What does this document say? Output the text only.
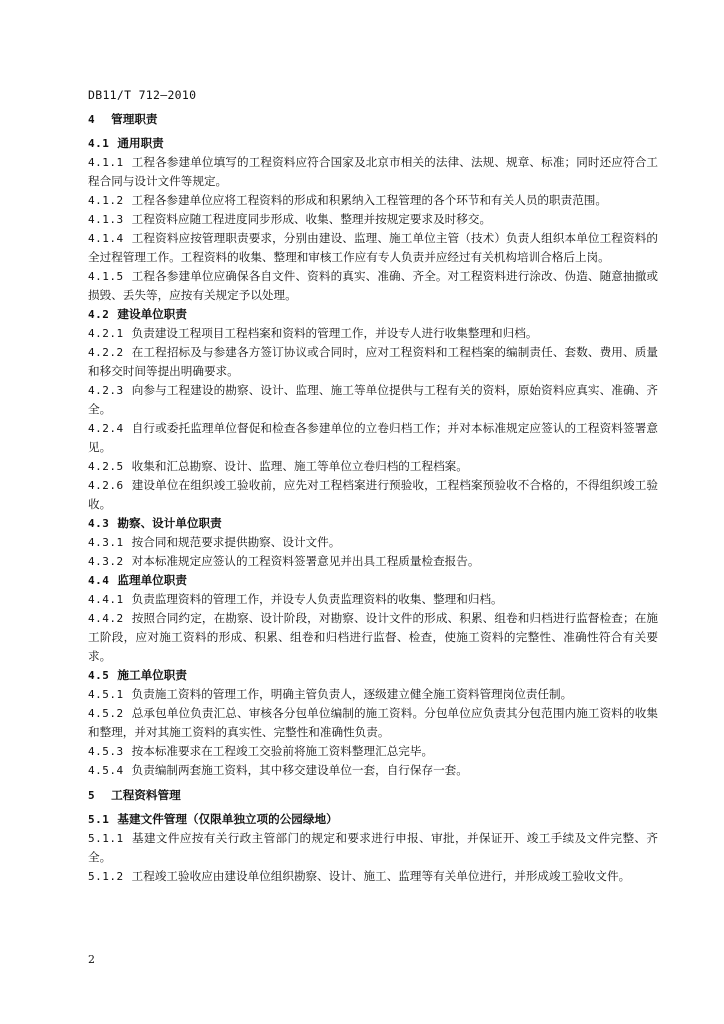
DB11/T 712—2010
4 管理职责
4.1 通用职责
4.1.1 工程各参建单位填写的工程资料应符合国家及北京市相关的法律、法规、规章、标准；同时还应符合工程合同与设计文件等规定。
4.1.2 工程各参建单位应将工程资料的形成和积累纳入工程管理的各个环节和有关人员的职责范围。
4.1.3 工程资料应随工程进度同步形成、收集、整理并按规定要求及时移交。
4.1.4 工程资料应按管理职责要求，分别由建设、监理、施工单位主管（技术）负责人组织本单位工程资料的全过程管理工作。工程资料的收集、整理和审核工作应有专人负责并应经过有关机构培训合格后上岗。
4.1.5 工程各参建单位应确保各自文件、资料的真实、准确、齐全。对工程资料进行涂改、伪造、随意抽撤或损毁、丢失等，应按有关规定予以处理。
4.2 建设单位职责
4.2.1 负责建设工程项目工程档案和资料的管理工作，并设专人进行收集整理和归档。
4.2.2 在工程招标及与参建各方签订协议或合同时，应对工程资料和工程档案的编制责任、套数、费用、质量和移交时间等提出明确要求。
4.2.3 向参与工程建设的勘察、设计、监理、施工等单位提供与工程有关的资料，原始资料应真实、准确、齐全。
4.2.4 自行或委托监理单位督促和检查各参建单位的立卷归档工作；并对本标准规定应签认的工程资料签署意见。
4.2.5 收集和汇总勘察、设计、监理、施工等单位立卷归档的工程档案。
4.2.6 建设单位在组织竣工验收前，应先对工程档案进行预验收，工程档案预验收不合格的，不得组织竣工验收。
4.3 勘察、设计单位职责
4.3.1 按合同和规范要求提供勘察、设计文件。
4.3.2 对本标准规定应签认的工程资料签署意见并出具工程质量检查报告。
4.4 监理单位职责
4.4.1 负责监理资料的管理工作，并设专人负责监理资料的收集、整理和归档。
4.4.2 按照合同约定，在勘察、设计阶段，对勘察、设计文件的形成、积累、组卷和归档进行监督检查；在施工阶段，应对施工资料的形成、积累、组卷和归档进行监督、检查，使施工资料的完整性、准确性符合有关要求。
4.5 施工单位职责
4.5.1 负责施工资料的管理工作，明确主管负责人，逐级建立健全施工资料管理岗位责任制。
4.5.2 总承包单位负责汇总、审核各分包单位编制的施工资料。分包单位应负责其分包范围内施工资料的收集和整理，并对其施工资料的真实性、完整性和准确性负责。
4.5.3 按本标准要求在工程竣工交验前将施工资料整理汇总完毕。
4.5.4 负责编制两套施工资料，其中移交建设单位一套，自行保存一套。
5 工程资料管理
5.1 基建文件管理（仅限单独立项的公园绿地）
5.1.1 基建文件应按有关行政主管部门的规定和要求进行申报、审批，并保证开、竣工手续及文件完整、齐全。
5.1.2 工程竣工验收应由建设单位组织勘察、设计、施工、监理等有关单位进行，并形成竣工验收文件。
2
